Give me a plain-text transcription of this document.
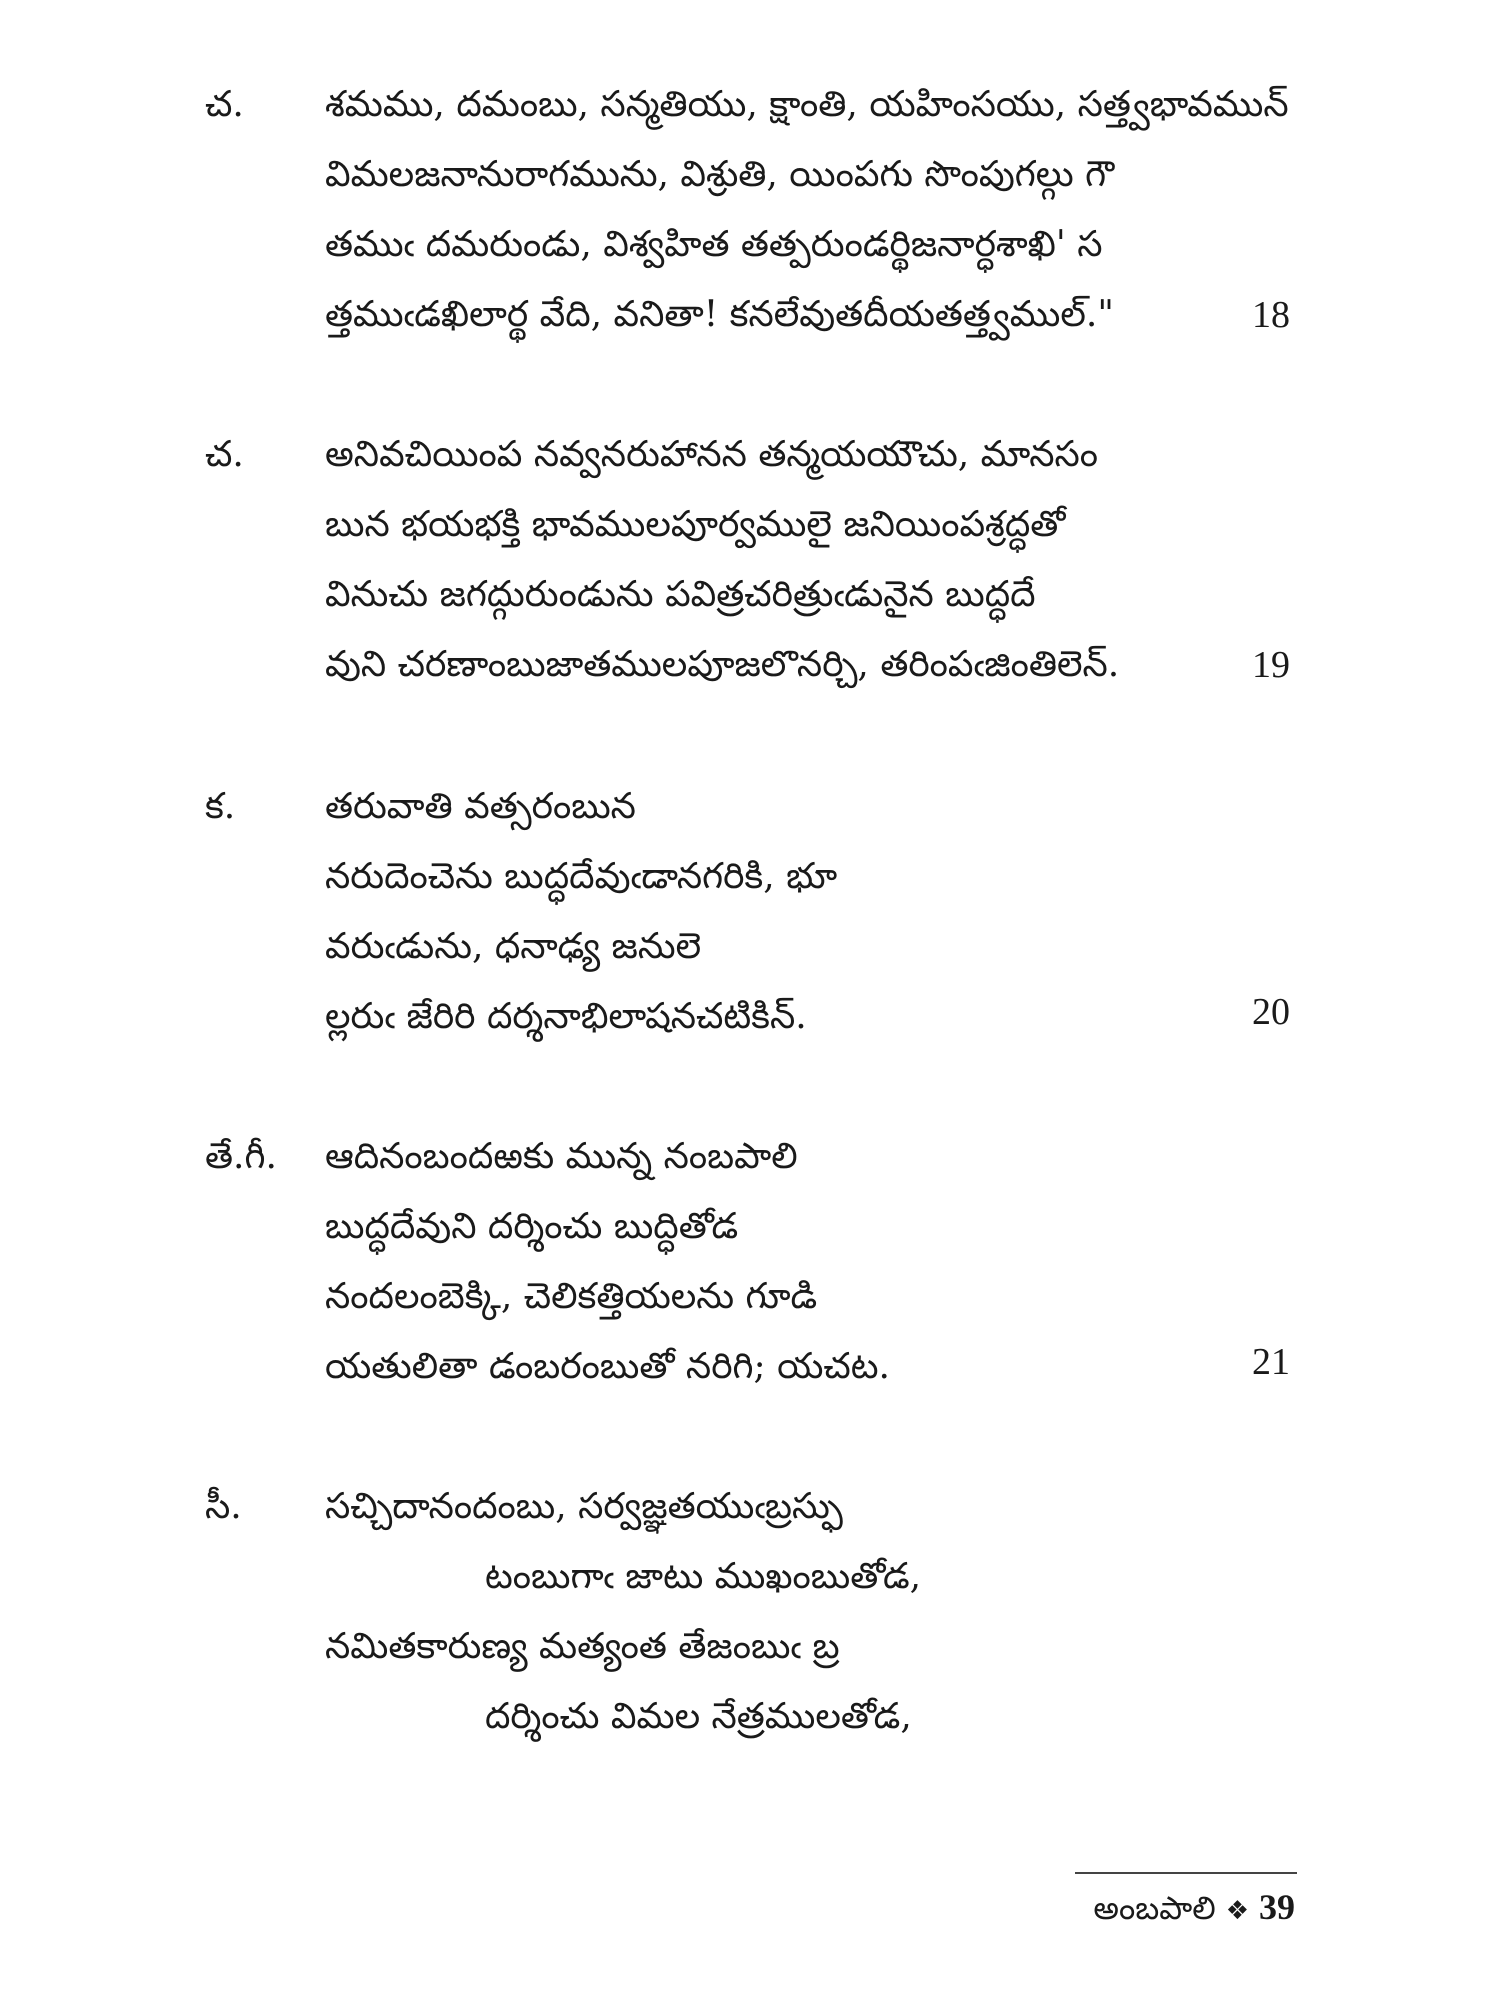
చ. శమము, దమంబు, సన్మతియు, క్షాంతి, యహింసయు, సత్త్వభావమున్
విమలజనానురాగమును, విశ్రుతి, యింపగు సొంపుగల్గు గౌ
తముఁ దమరుండు, విశ్వహిత తత్పరుండర్థిజనార్ధశాఖి' స
త్తముఁడఖిలార్థ వేది, వనితా! కనలేవుతదీయతత్త్వముల్."	18
చ. అనివచియింప నవ్వనరుహానన తన్మయయౌచు, మానసం
బున భయభక్తి భావములపూర్వములై జనియింపశ్రద్ధతో
వినుచు జగద్గురుండును పవిత్రచరిత్రుఁడునైన బుద్ధదే
వుని చరణాంబుజాతములపూజలొనర్చి, తరింపఁజింతిలెన్.	19
క. తరువాతి వత్సరంబున
నరుదెంచెను బుద్ధదేవుఁడానగరికి, భూ
వరుఁడును, ధనాఢ్య జనులె
ల్లరుఁ జేరిరి దర్శనాభిలాషనచటికిన్.	20
తే.గీ. ఆదినంబందఱకు మున్న నంబపాలి
బుద్ధదేవుని దర్శించు బుద్ధితోడ
నందలంబెక్కి, చెలికత్తియలను గూడి
యతులితా డంబరంబుతో నరిగి; యచట.	21
సీ. సచ్చిదానందంబు, సర్వజ్ఞతయుఁబ్రస్ఫు
టంబుగాఁ జాటు ముఖంబుతోడ,
నమితకారుణ్య మత్యంత తేజంబుఁ బ్ర
దర్శించు విమల నేత్రములతోడ,
అంబపాలి ❖ 39
